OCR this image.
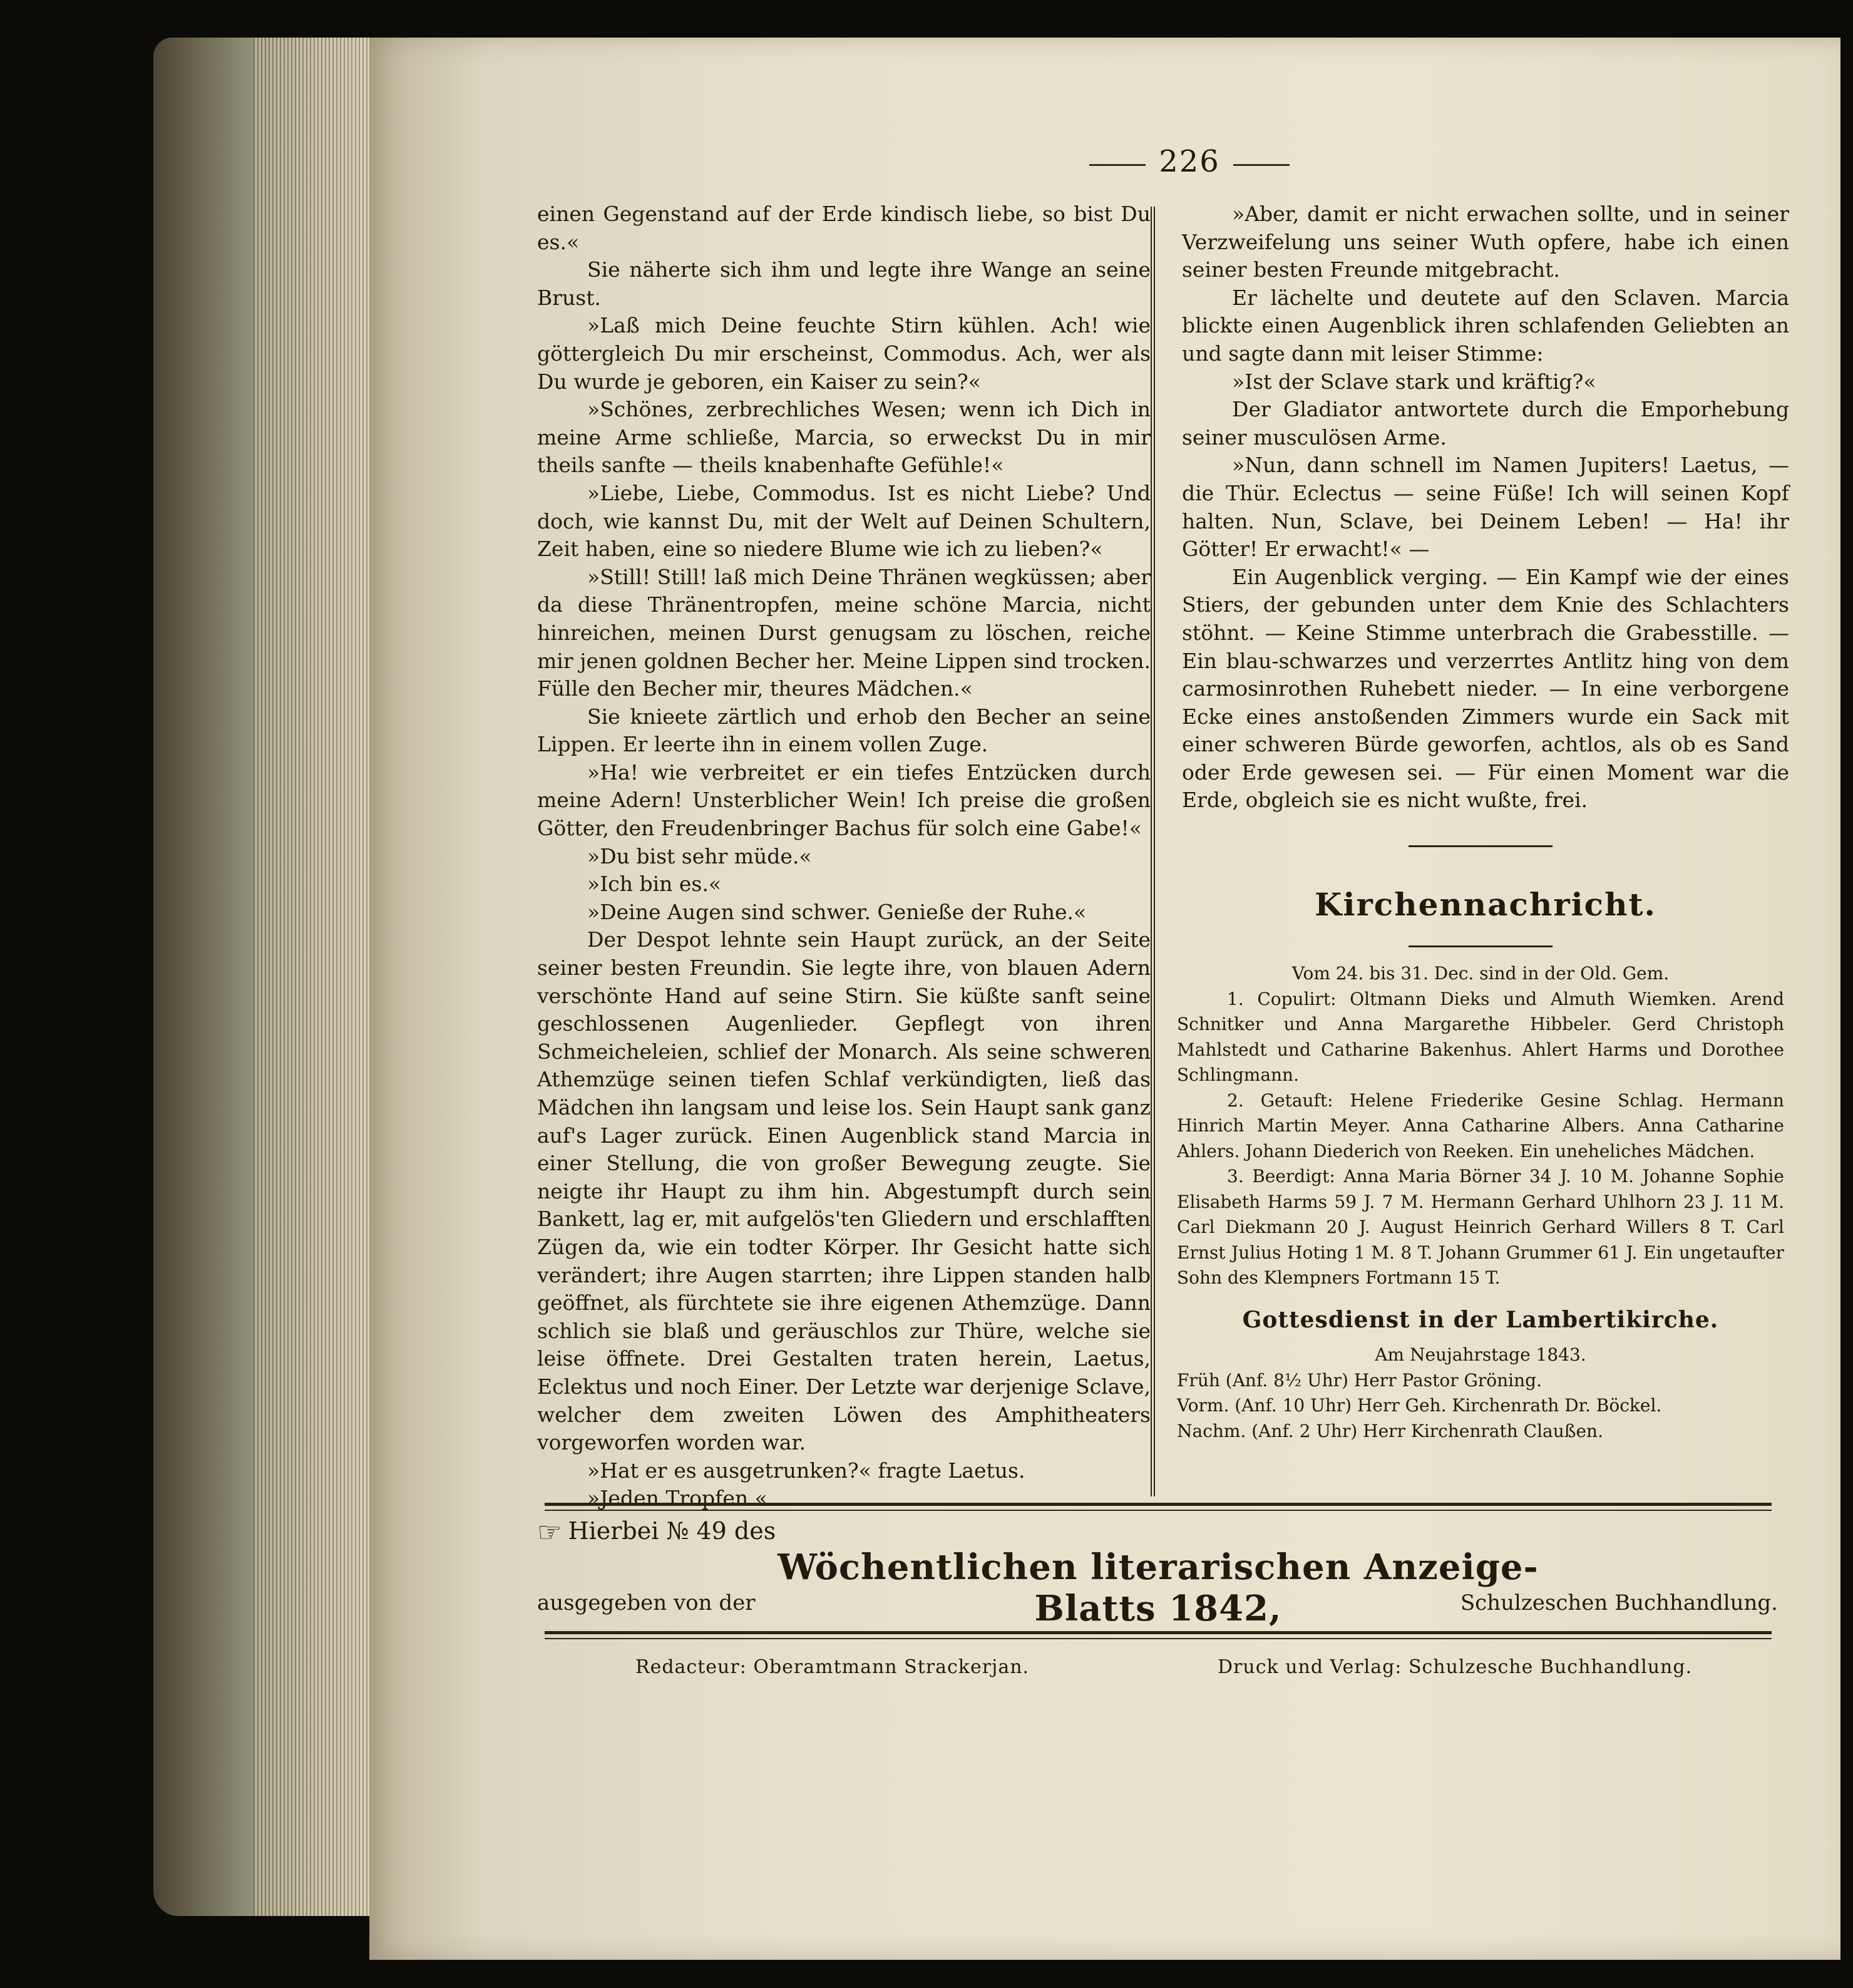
226

einen Gegenstand auf der Erde kindisch liebe, so bist Du es.«

Sie näherte sich ihm und legte ihre Wange an seine Brust.

»Laß mich Deine feuchte Stirn kühlen. Ach! wie göttergleich Du mir erscheinst, Commodus. Ach, wer als Du wurde je geboren, ein Kaiser zu sein?«

»Schönes, zerbrechliches Wesen; wenn ich Dich in meine Arme schließe, Marcia, so erweckst Du in mir theils sanfte — theils knabenhafte Gefühle!«

»Liebe, Liebe, Commodus. Ist es nicht Liebe? Und doch, wie kannst Du, mit der Welt auf Deinen Schultern, Zeit haben, eine so niedere Blume wie ich zu lieben?«

»Still! Still! laß mich Deine Thränen wegküssen; aber da diese Thränentropfen, meine schöne Marcia, nicht hinreichen, meinen Durst genugsam zu löschen, reiche mir jenen goldnen Becher her. Meine Lippen sind trocken. Fülle den Becher mir, theures Mädchen.«

Sie knieete zärtlich und erhob den Becher an seine Lippen. Er leerte ihn in einem vollen Zuge.

»Ha! wie verbreitet er ein tiefes Entzücken durch meine Adern! Unsterblicher Wein! Ich preise die großen Götter, den Freudenbringer Bachus für solch eine Gabe!«

»Du bist sehr müde.«

»Ich bin es.«

»Deine Augen sind schwer. Genieße der Ruhe.«

Der Despot lehnte sein Haupt zurück, an der Seite seiner besten Freundin. Sie legte ihre, von blauen Adern verschönte Hand auf seine Stirn. Sie küßte sanft seine geschlossenen Augenlieder. Gepflegt von ihren Schmeicheleien, schlief der Monarch. Als seine schweren Athemzüge seinen tiefen Schlaf verkündigten, ließ das Mädchen ihn langsam und leise los. Sein Haupt sank ganz auf's Lager zurück. Einen Augenblick stand Marcia in einer Stellung, die von großer Bewegung zeugte. Sie neigte ihr Haupt zu ihm hin. Abgestumpft durch sein Bankett, lag er, mit aufgelös'ten Gliedern und erschlafften Zügen da, wie ein todter Körper. Ihr Gesicht hatte sich verändert; ihre Augen starrten; ihre Lippen standen halb geöffnet, als fürchtete sie ihre eigenen Athemzüge. Dann schlich sie blaß und geräuschlos zur Thüre, welche sie leise öffnete. Drei Gestalten traten herein, Laetus, Eclektus und noch Einer. Der Letzte war derjenige Sclave, welcher dem zweiten Löwen des Amphitheaters vorgeworfen worden war.

»Hat er es ausgetrunken?« fragte Laetus.

»Jeden Tropfen.«

»Aber, damit er nicht erwachen sollte, und in seiner Verzweifelung uns seiner Wuth opfere, habe ich einen seiner besten Freunde mitgebracht.

Er lächelte und deutete auf den Sclaven. Marcia blickte einen Augenblick ihren schlafenden Geliebten an und sagte dann mit leiser Stimme:

»Ist der Sclave stark und kräftig?«

Der Gladiator antwortete durch die Emporhebung seiner musculösen Arme.

»Nun, dann schnell im Namen Jupiters! Laetus, — die Thür. Eclectus — seine Füße! Ich will seinen Kopf halten. Nun, Sclave, bei Deinem Leben! — Ha! ihr Götter! Er erwacht!« —

Ein Augenblick verging. — Ein Kampf wie der eines Stiers, der gebunden unter dem Knie des Schlachters stöhnt. — Keine Stimme unterbrach die Grabesstille. — Ein blau-schwarzes und verzerrtes Antlitz hing von dem carmosinrothen Ruhebett nieder. — In eine verborgene Ecke eines anstoßenden Zimmers wurde ein Sack mit einer schweren Bürde geworfen, achtlos, als ob es Sand oder Erde gewesen sei. — Für einen Moment war die Erde, obgleich sie es nicht wußte, frei.

Kirchennachricht.

Vom 24. bis 31. Dec. sind in der Old. Gem.

1. Copulirt: Oltmann Dieks und Almuth Wiemken. Arend Schnitker und Anna Margarethe Hibbeler. Gerd Christoph Mahlstedt und Catharine Bakenhus. Ahlert Harms und Dorothee Schlingmann.

2. Getauft: Helene Friederike Gesine Schlag. Hermann Hinrich Martin Meyer. Anna Catharine Albers. Anna Catharine Ahlers. Johann Diederich von Reeken. Ein uneheliches Mädchen.

3. Beerdigt: Anna Maria Börner 34 J. 10 M. Johanne Sophie Elisabeth Harms 59 J. 7 M. Hermann Gerhard Uhlhorn 23 J. 11 M. Carl Diekmann 20 J. August Heinrich Gerhard Willers 8 T. Carl Ernst Julius Hoting 1 M. 8 T. Johann Grummer 61 J. Ein ungetaufter Sohn des Klempners Fortmann 15 T.

Gottesdienst in der Lambertikirche.

Am Neujahrstage 1843.

Früh (Anf. 8½ Uhr) Herr Pastor Gröning.

Vorm. (Anf. 10 Uhr) Herr Geh. Kirchenrath Dr. Böckel.

Nachm. (Anf. 2 Uhr) Herr Kirchenrath Claußen.

☞ Hierbei № 49 des
Wöchentlichen literarischen Anzeige-Blatts 1842,
ausgegeben von der	Schulzeschen Buchhandlung.
Redacteur: Oberamtmann Strackerjan.	Druck und Verlag: Schulzesche Buchhandlung.
